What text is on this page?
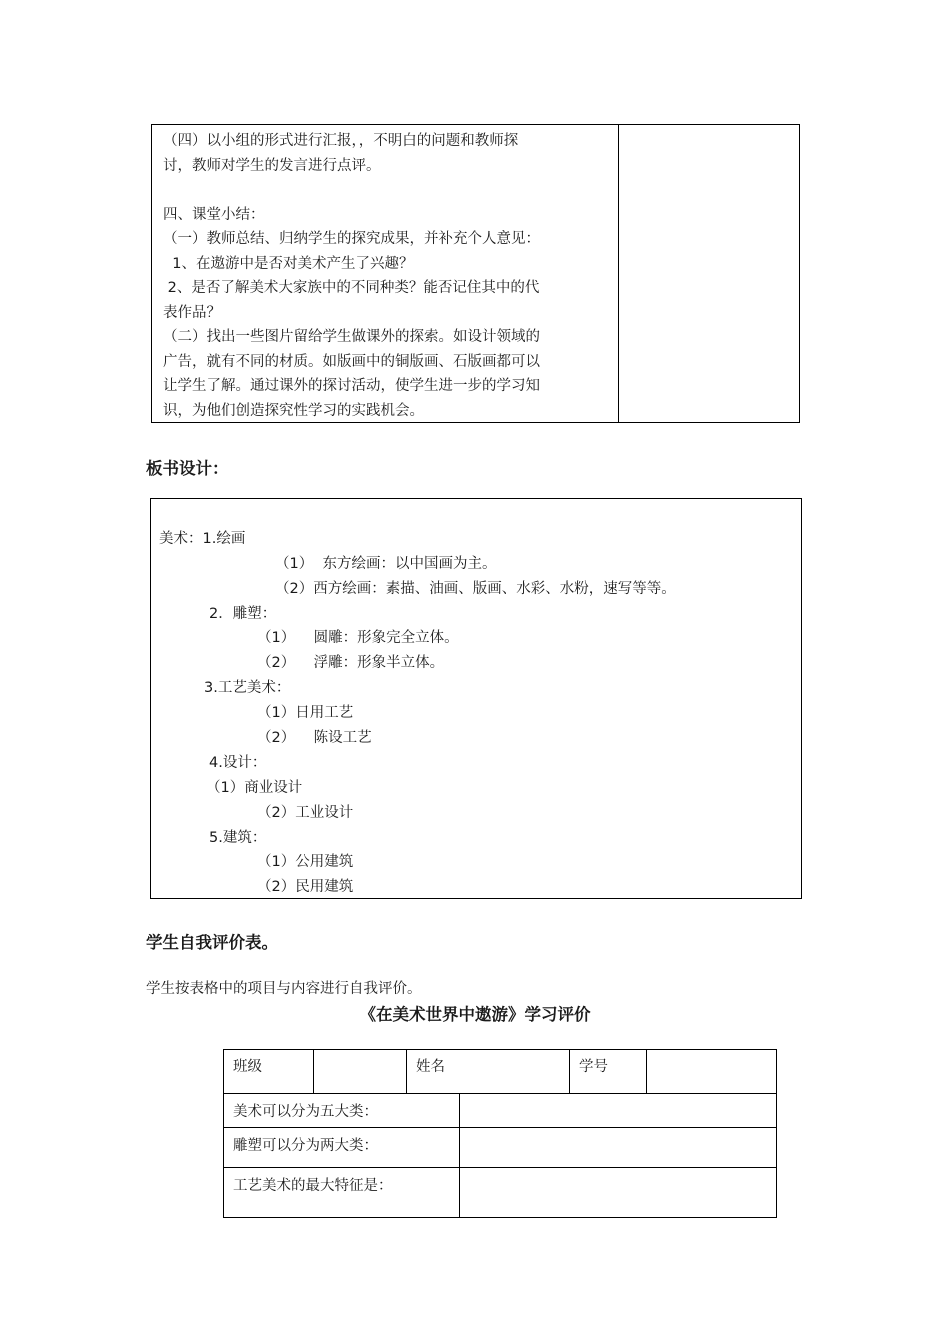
（四）以小组的形式进行汇报，，不明白的问题和教师探
讨，教师对学生的发言进行点评。

四、课堂小结：
（一）教师总结、归纳学生的探究成果，并补充个人意见：
1、在遨游中是否对美术产生了兴趣？
2、是否了解美术大家族中的不同种类？能否记住其中的代
表作品？
（二）找出一些图片留给学生做课外的探索。如设计领域的
广告，就有不同的材质。如版画中的铜版画、石版画都可以
让学生了解。通过课外的探讨活动，使学生进一步的学习知
识，为他们创造探究性学习的实践机会。
板书设计：
美术：1.绘画
（1）  东方绘画：以中国画为主。
（2）西方绘画：素描、油画、版画、水彩、水粉，速写等等。
2．雕塑：
（1）    圆雕：形象完全立体。
（2）    浮雕：形象半立体。
3.工艺美术：
（1）日用工艺
（2）    陈设工艺
4.设计：
（1）商业设计
（2）工业设计
5.建筑：
（1）公用建筑
（2）民用建筑
学生自我评价表。
学生按表格中的项目与内容进行自我评价。
《在美术世界中遨游》学习评价
班级	姓名	学号
美术可以分为五大类：
雕塑可以分为两大类：
工艺美术的最大特征是：
